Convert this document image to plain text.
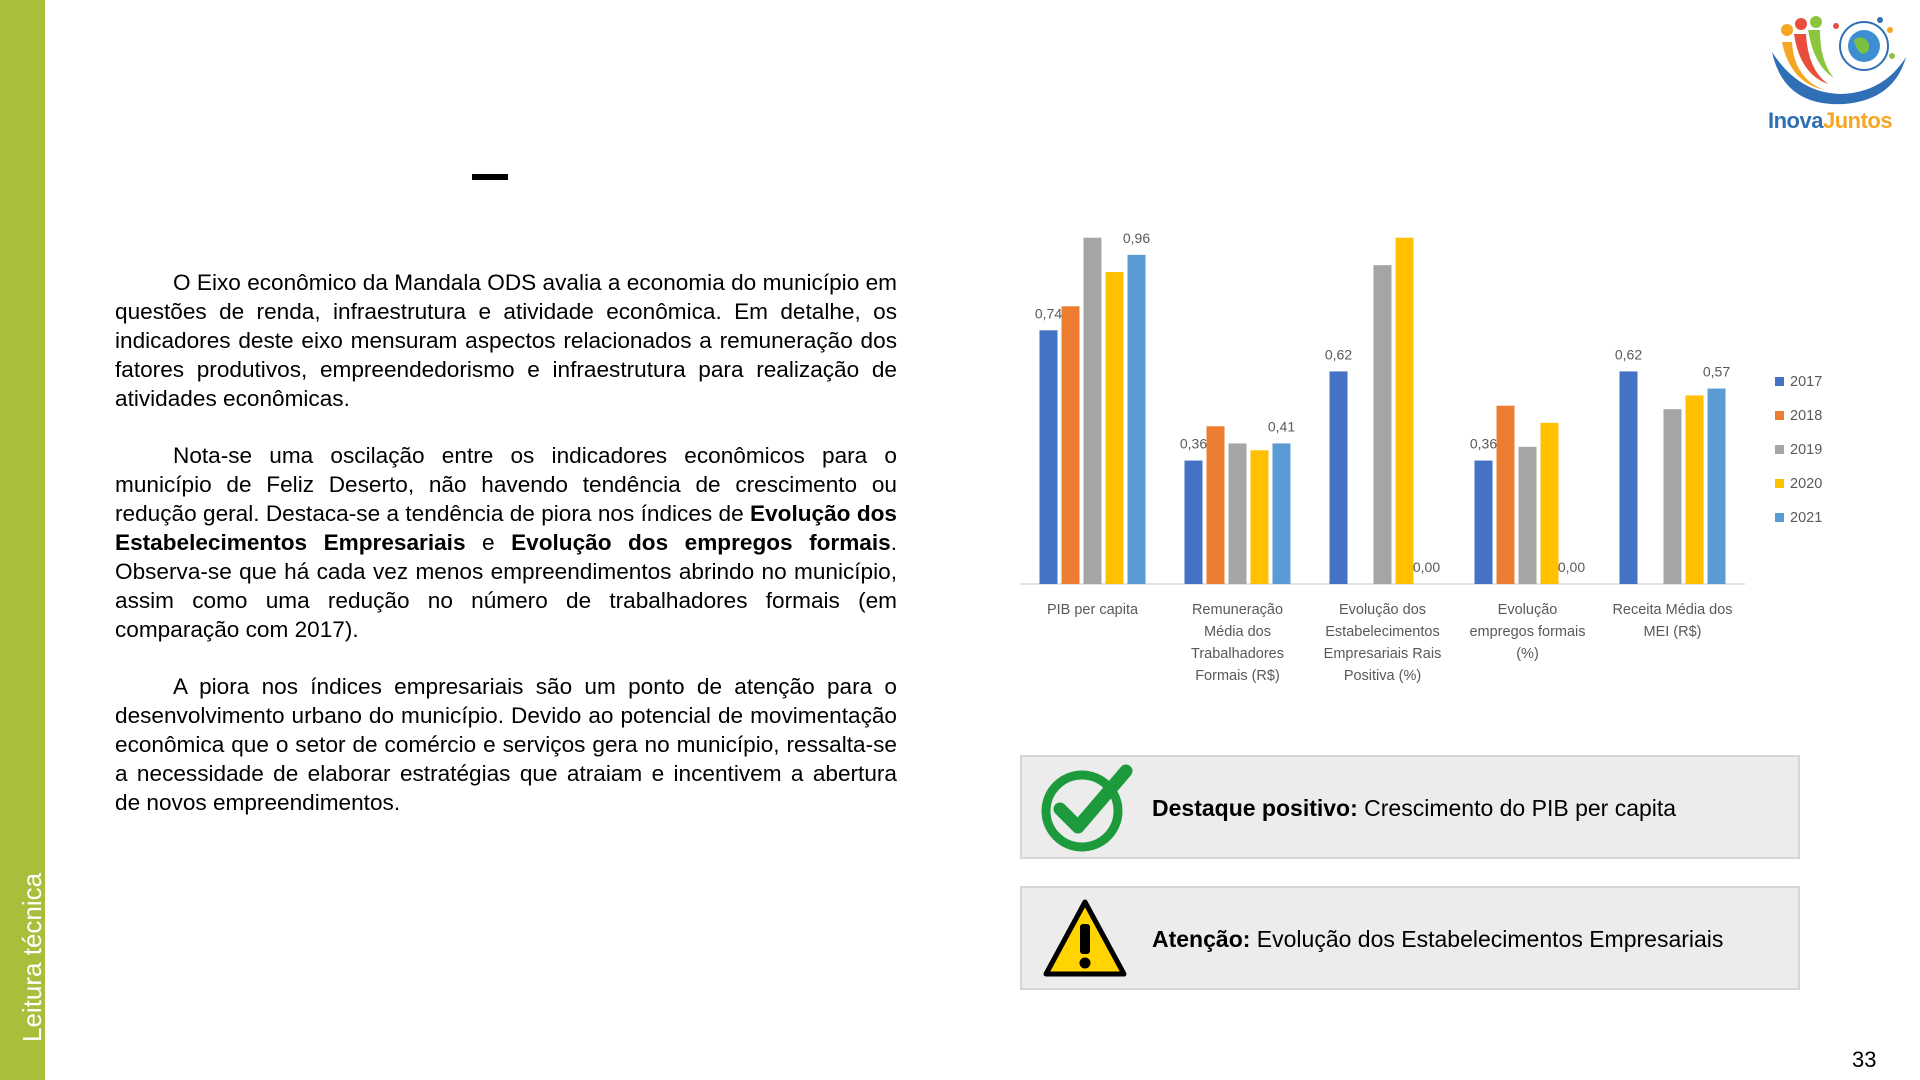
Leitura técnica
InovaJuntos

O Eixo econômico da Mandala ODS avalia a economia do município em questões de renda, infraestrutura e atividade econômica. Em detalhe, os indicadores deste eixo mensuram aspectos relacionados a remuneração dos fatores produtivos, empreendedorismo e infraestrutura para realização de atividades econômicas.

Nota-se uma oscilação entre os indicadores econômicos para o município de Feliz Deserto, não havendo tendência de crescimento ou redução geral. Destaca-se a tendência de piora nos índices de Evolução dos Estabelecimentos Empresariais e Evolução dos empregos formais. Observa-se que há cada vez menos empreendimentos abrindo no município, assim como uma redução no número de trabalhadores formais (em comparação com 2017).

A piora nos índices empresariais são um ponto de atenção para o desenvolvimento urbano do município. Devido ao potencial de movimentação econômica que o setor de comércio e serviços gera no município, ressalta-se a necessidade de elaborar estratégias que atraiam e incentivem a abertura de novos empreendimentos.

0,74
0,96
0,36
0,41
0,62
0,00
0,36
0,00
0,62
0,57
PIB per capita	Remuneração
Média dos
Trabalhadores
Formais (R$)
Evolução dos
Estabelecimentos
Empresariais Rais
Positiva (%)
Evolução
empregos formais
(%)
Receita Média dos
MEI (R$)
2017
2018
2019
2020
2021
Destaque positivo: Crescimento do PIB per capita
Atenção: Evolução dos Estabelecimentos Empresariais
33
